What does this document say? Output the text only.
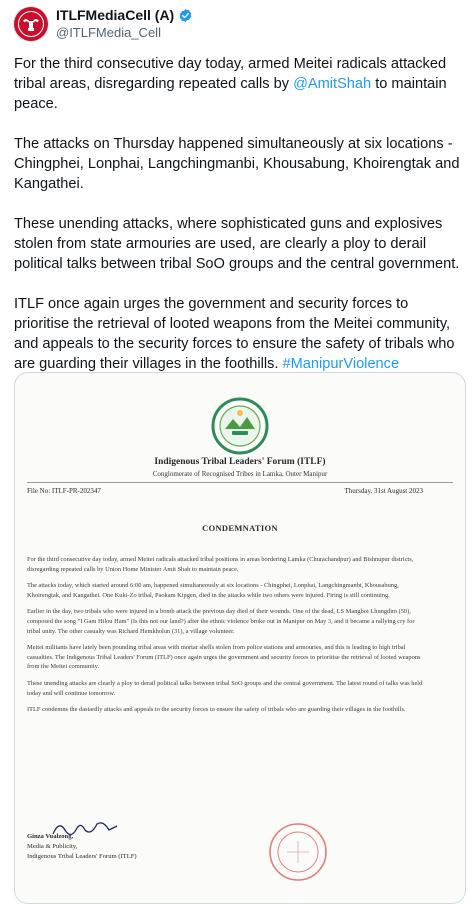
ITLFMediaCell (A)
@ITLFMedia_Cell

For the third consecutive day today, armed Meitei radicals attacked tribal areas, disregarding repeated calls by @AmitShah to maintain peace.

The attacks on Thursday happened simultaneously at six locations - Chingphei, Lonphai, Langchingmanbi, Khousabung, Khoirengtak and Kangathei.

These unending attacks, where sophisticated guns and explosives stolen from state armouries are used, are clearly a ploy to derail political talks between tribal SoO groups and the central government.

ITLF once again urges the government and security forces to prioritise the retrieval of looted weapons from the Meitei community, and appeals to the security forces to ensure the safety of tribals who are guarding their villages in the foothills. #ManipurViolence

Indigenous Tribal Leaders' Forum (ITLF)
Conglomerate of Recognised Tribes in Lamka, Outer Manipur
File No: ITLF-PR-202347	Thursday, 31st August 2023
CONDEMNATION

For the third consecutive day today, armed Meitei radicals attacked tribal positions in areas bordering Lamka (Churachandpur) and Bishnupur districts, disregarding repeated calls by Union Home Minister Amit Shah to maintain peace.

The attacks today, which started around 6:00 am, happened simultaneously at six locations - Chingphei, Lonphai, Langchingmanbi, Khousabung, Khoirengtak, and Kangathei. One Kuki-Zo tribal, Paokam Kipgen, died in the attacks while two others were injured. Firing is still continuing.

Earlier in the day, two tribals who were injured in a bomb attack the previous day died of their wounds. One of the dead, LS Mangboi Lhungdim (50), composed the song "I Gam Hilou Ham" (Is this not our land?) after the ethnic violence broke out in Manipur on May 3, and it became a rallying cry for tribal unity. The other casualty was Richard Hemkholun (31), a village volunteer.

Meitei militants have lately been pounding tribal areas with mortar shells stolen from police stations and armouries, and this is leading to high tribal casualties. The Indigenous Tribal Leaders' Forum (ITLF) once again urges the government and security forces to prioritise the retrieval of looted weapons from the Meitei community.

These unending attacks are clearly a ploy to derail political talks between tribal SoO groups and the central government. The latest round of talks was held today and will continue tomorrow.

ITLF condemns the dastardly attacks and appeals to the security forces to ensure the safety of tribals who are guarding their villages in the foothills.

Ginza Vualzong,
Media & Publicity,
Indigenous Tribal Leaders' Forum (ITLF)
